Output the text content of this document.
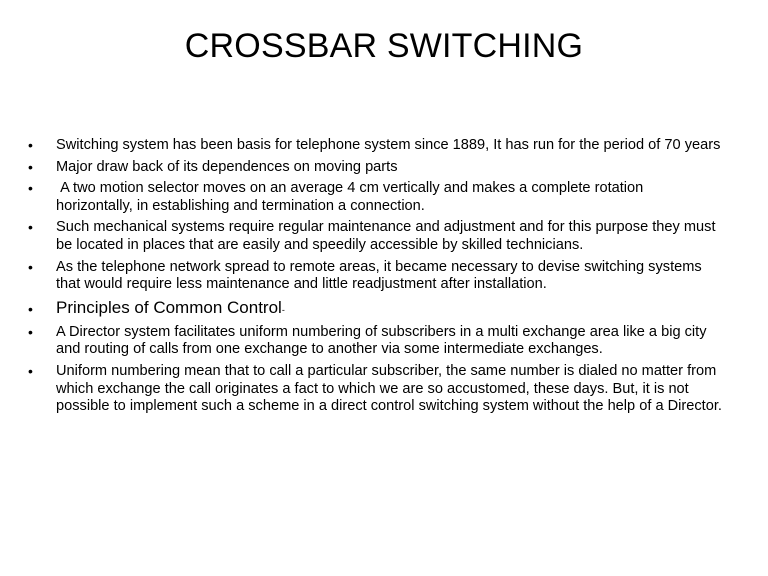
CROSSBAR SWITCHING
• Switching system has been basis for telephone system since 1889, It has run for the period of 70 years
• Major draw back of its dependences on moving parts
• A two motion selector moves on an average 4 cm vertically and makes a complete rotation horizontally, in establishing and termination a connection.
• Such mechanical systems require regular maintenance and adjustment and for this purpose they must be located in places that are easily and speedily accessible by skilled technicians.
• As the telephone network spread to remote areas, it became necessary to devise switching systems that would require less maintenance and little readjustment after installation.
• Principles of Common Control-
• A Director system facilitates uniform numbering of subscribers in a multi exchange area like a big city and routing of calls from one exchange to another via some intermediate exchanges.
• Uniform numbering mean that to call a particular subscriber, the same number is dialed no matter from which exchange the call originates a fact to which we are so accustomed, these days. But, it is not possible to implement such a scheme in a direct control switching system without the help of a Director.
